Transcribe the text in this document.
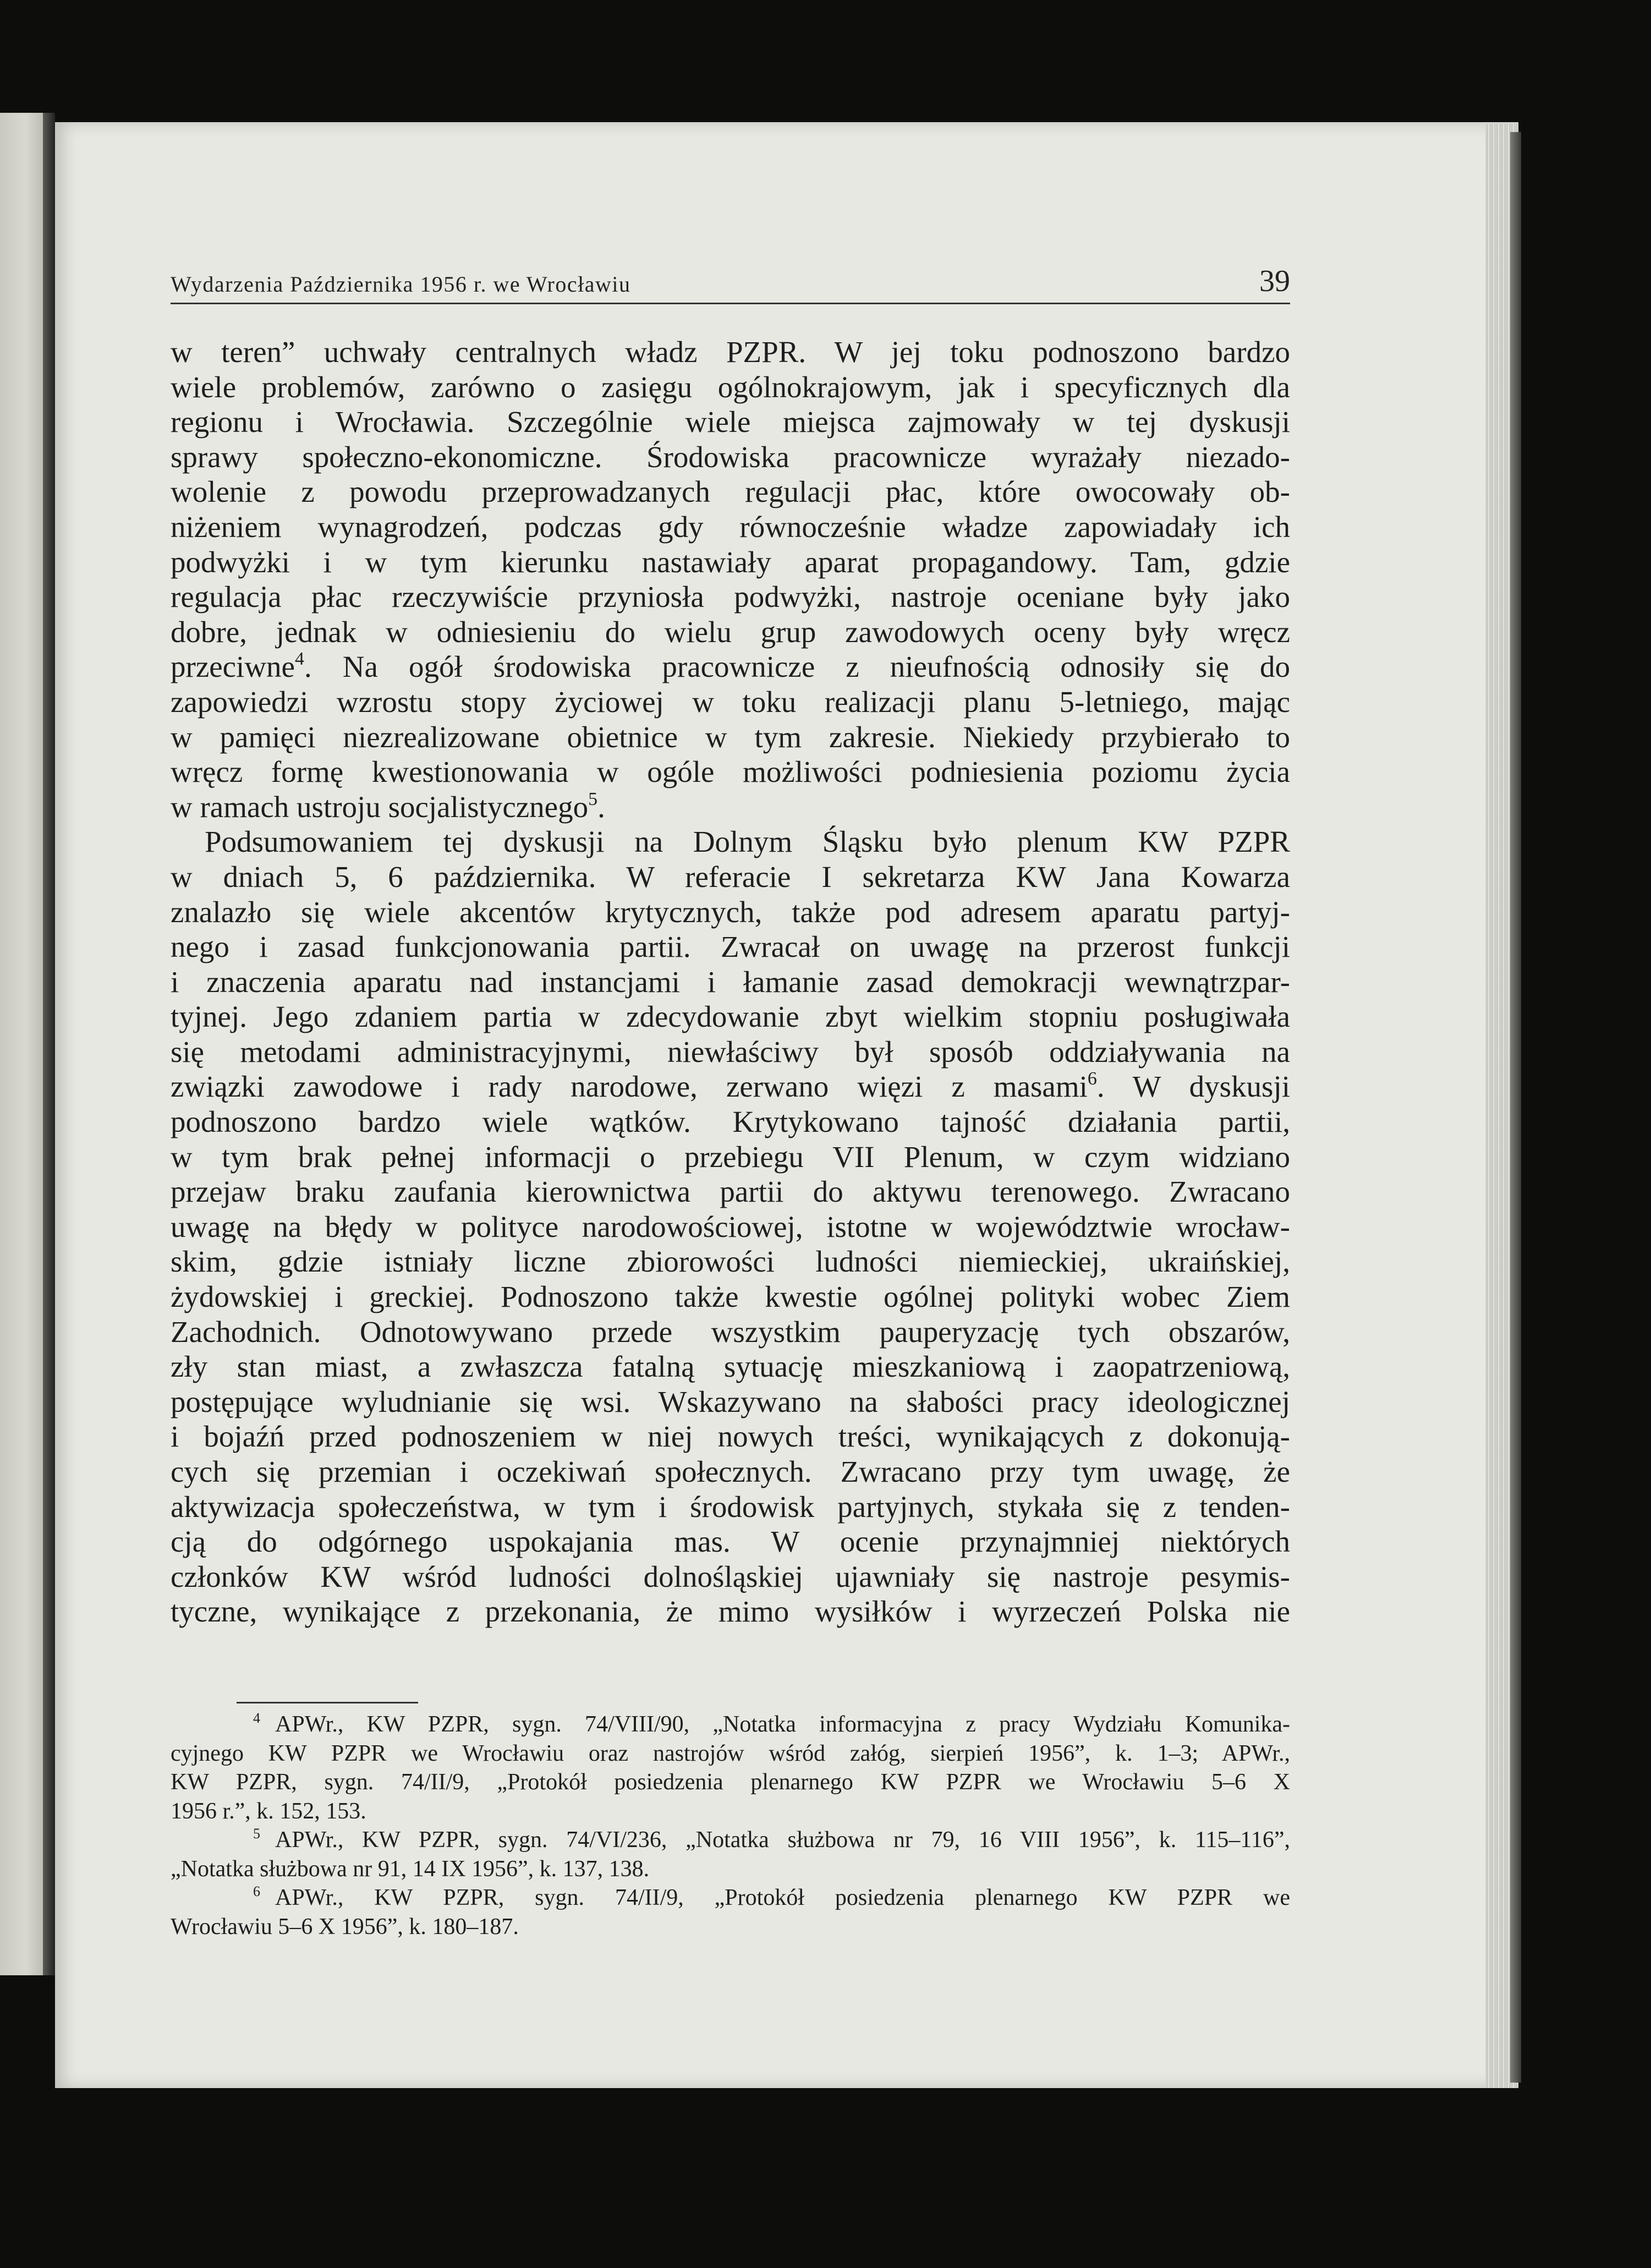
Wydarzenia Października 1956 r. we Wrocławiu	39
w teren” uchwały centralnych władz PZPR. W jej toku podnoszono bardzo
wiele problemów, zarówno o zasięgu ogólnokrajowym, jak i specyficznych dla
regionu i Wrocławia. Szczególnie wiele miejsca zajmowały w tej dyskusji
sprawy społeczno-ekonomiczne. Środowiska pracownicze wyrażały niezado-
wolenie z powodu przeprowadzanych regulacji płac, które owocowały ob-
niżeniem wynagrodzeń, podczas gdy równocześnie władze zapowiadały ich
podwyżki i w tym kierunku nastawiały aparat propagandowy. Tam, gdzie
regulacja płac rzeczywiście przyniosła podwyżki, nastroje oceniane były jako
dobre, jednak w odniesieniu do wielu grup zawodowych oceny były wręcz
przeciwne$^4$. Na ogół środowiska pracownicze z nieufnością odnosiły się do
zapowiedzi wzrostu stopy życiowej w toku realizacji planu 5-letniego, mając
w pamięci niezrealizowane obietnice w tym zakresie. Niekiedy przybierało to
wręcz formę kwestionowania w ogóle możliwości podniesienia poziomu życia
w ramach ustroju socjalistycznego$^5$.
Podsumowaniem tej dyskusji na Dolnym Śląsku było plenum KW PZPR
w dniach 5, 6 października. W referacie I sekretarza KW Jana Kowarza
znalazło się wiele akcentów krytycznych, także pod adresem aparatu partyj-
nego i zasad funkcjonowania partii. Zwracał on uwagę na przerost funkcji
i znaczenia aparatu nad instancjami i łamanie zasad demokracji wewnątrzpar-
tyjnej. Jego zdaniem partia w zdecydowanie zbyt wielkim stopniu posługiwała
się metodami administracyjnymi, niewłaściwy był sposób oddziaływania na
związki zawodowe i rady narodowe, zerwano więzi z masami$^6$. W dyskusji
podnoszono bardzo wiele wątków. Krytykowano tajność działania partii,
w tym brak pełnej informacji o przebiegu VII Plenum, w czym widziano
przejaw braku zaufania kierownictwa partii do aktywu terenowego. Zwracano
uwagę na błędy w polityce narodowościowej, istotne w województwie wrocław-
skim, gdzie istniały liczne zbiorowości ludności niemieckiej, ukraińskiej,
żydowskiej i greckiej. Podnoszono także kwestie ogólnej polityki wobec Ziem
Zachodnich. Odnotowywano przede wszystkim pauperyzację tych obszarów,
zły stan miast, a zwłaszcza fatalną sytuację mieszkaniową i zaopatrzeniową,
postępujące wyludnianie się wsi. Wskazywano na słabości pracy ideologicznej
i bojaźń przed podnoszeniem w niej nowych treści, wynikających z dokonują-
cych się przemian i oczekiwań społecznych. Zwracano przy tym uwagę, że
aktywizacja społeczeństwa, w tym i środowisk partyjnych, stykała się z tenden-
cją do odgórnego uspokajania mas. W ocenie przynajmniej niektórych
członków KW wśród ludności dolnośląskiej ujawniały się nastroje pesymis-
tyczne, wynikające z przekonania, że mimo wysiłków i wyrzeczeń Polska nie
$^4$ APWr., KW PZPR, sygn. 74/VIII/90, „Notatka informacyjna z pracy Wydziału Komunika-
cyjnego KW PZPR we Wrocławiu oraz nastrojów wśród załóg, sierpień 1956”, k. 1–3; APWr.,
KW PZPR, sygn. 74/II/9, „Protokół posiedzenia plenarnego KW PZPR we Wrocławiu 5–6 X
1956 r.”, k. 152, 153.
$^5$ APWr., KW PZPR, sygn. 74/VI/236, „Notatka służbowa nr 79, 16 VIII 1956”, k. 115–116”,
„Notatka służbowa nr 91, 14 IX 1956”, k. 137, 138.
$^6$ APWr., KW PZPR, sygn. 74/II/9, „Protokół posiedzenia plenarnego KW PZPR we
Wrocławiu 5–6 X 1956”, k. 180–187.
